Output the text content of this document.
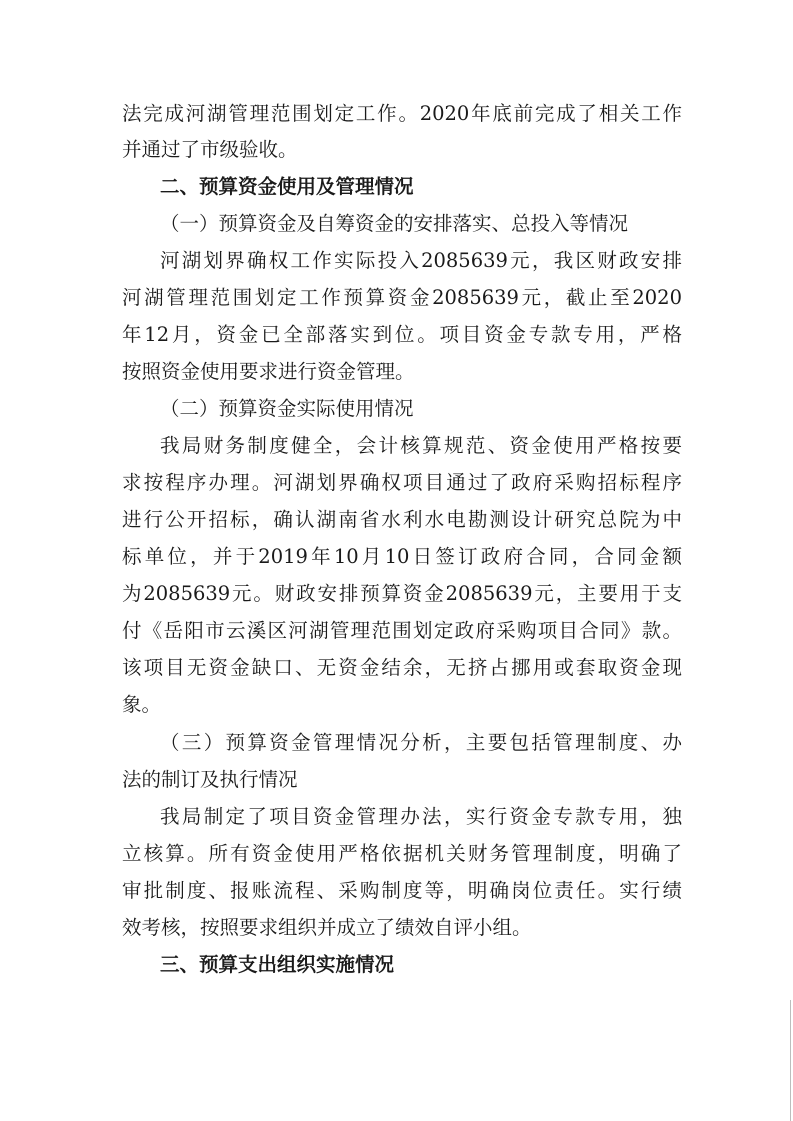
法完成河湖管理范围划定工作。2020年底前完成了相关工作
并通过了市级验收。
二、预算资金使用及管理情况
（一）预算资金及自筹资金的安排落实、总投入等情况
河湖划界确权工作实际投入2085639元，我区财政安排
河湖管理范围划定工作预算资金2085639元，截止至2020
年12月，资金已全部落实到位。项目资金专款专用，严格
按照资金使用要求进行资金管理。
（二）预算资金实际使用情况
我局财务制度健全，会计核算规范、资金使用严格按要
求按程序办理。河湖划界确权项目通过了政府采购招标程序
进行公开招标，确认湖南省水利水电勘测设计研究总院为中
标单位，并于2019年10月10日签订政府合同，合同金额
为2085639元。财政安排预算资金2085639元，主要用于支
付《岳阳市云溪区河湖管理范围划定政府采购项目合同》款。
该项目无资金缺口、无资金结余，无挤占挪用或套取资金现
象。
（三）预算资金管理情况分析，主要包括管理制度、办
法的制订及执行情况
我局制定了项目资金管理办法，实行资金专款专用，独
立核算。所有资金使用严格依据机关财务管理制度，明确了
审批制度、报账流程、采购制度等，明确岗位责任。实行绩
效考核，按照要求组织并成立了绩效自评小组。
三、预算支出组织实施情况
